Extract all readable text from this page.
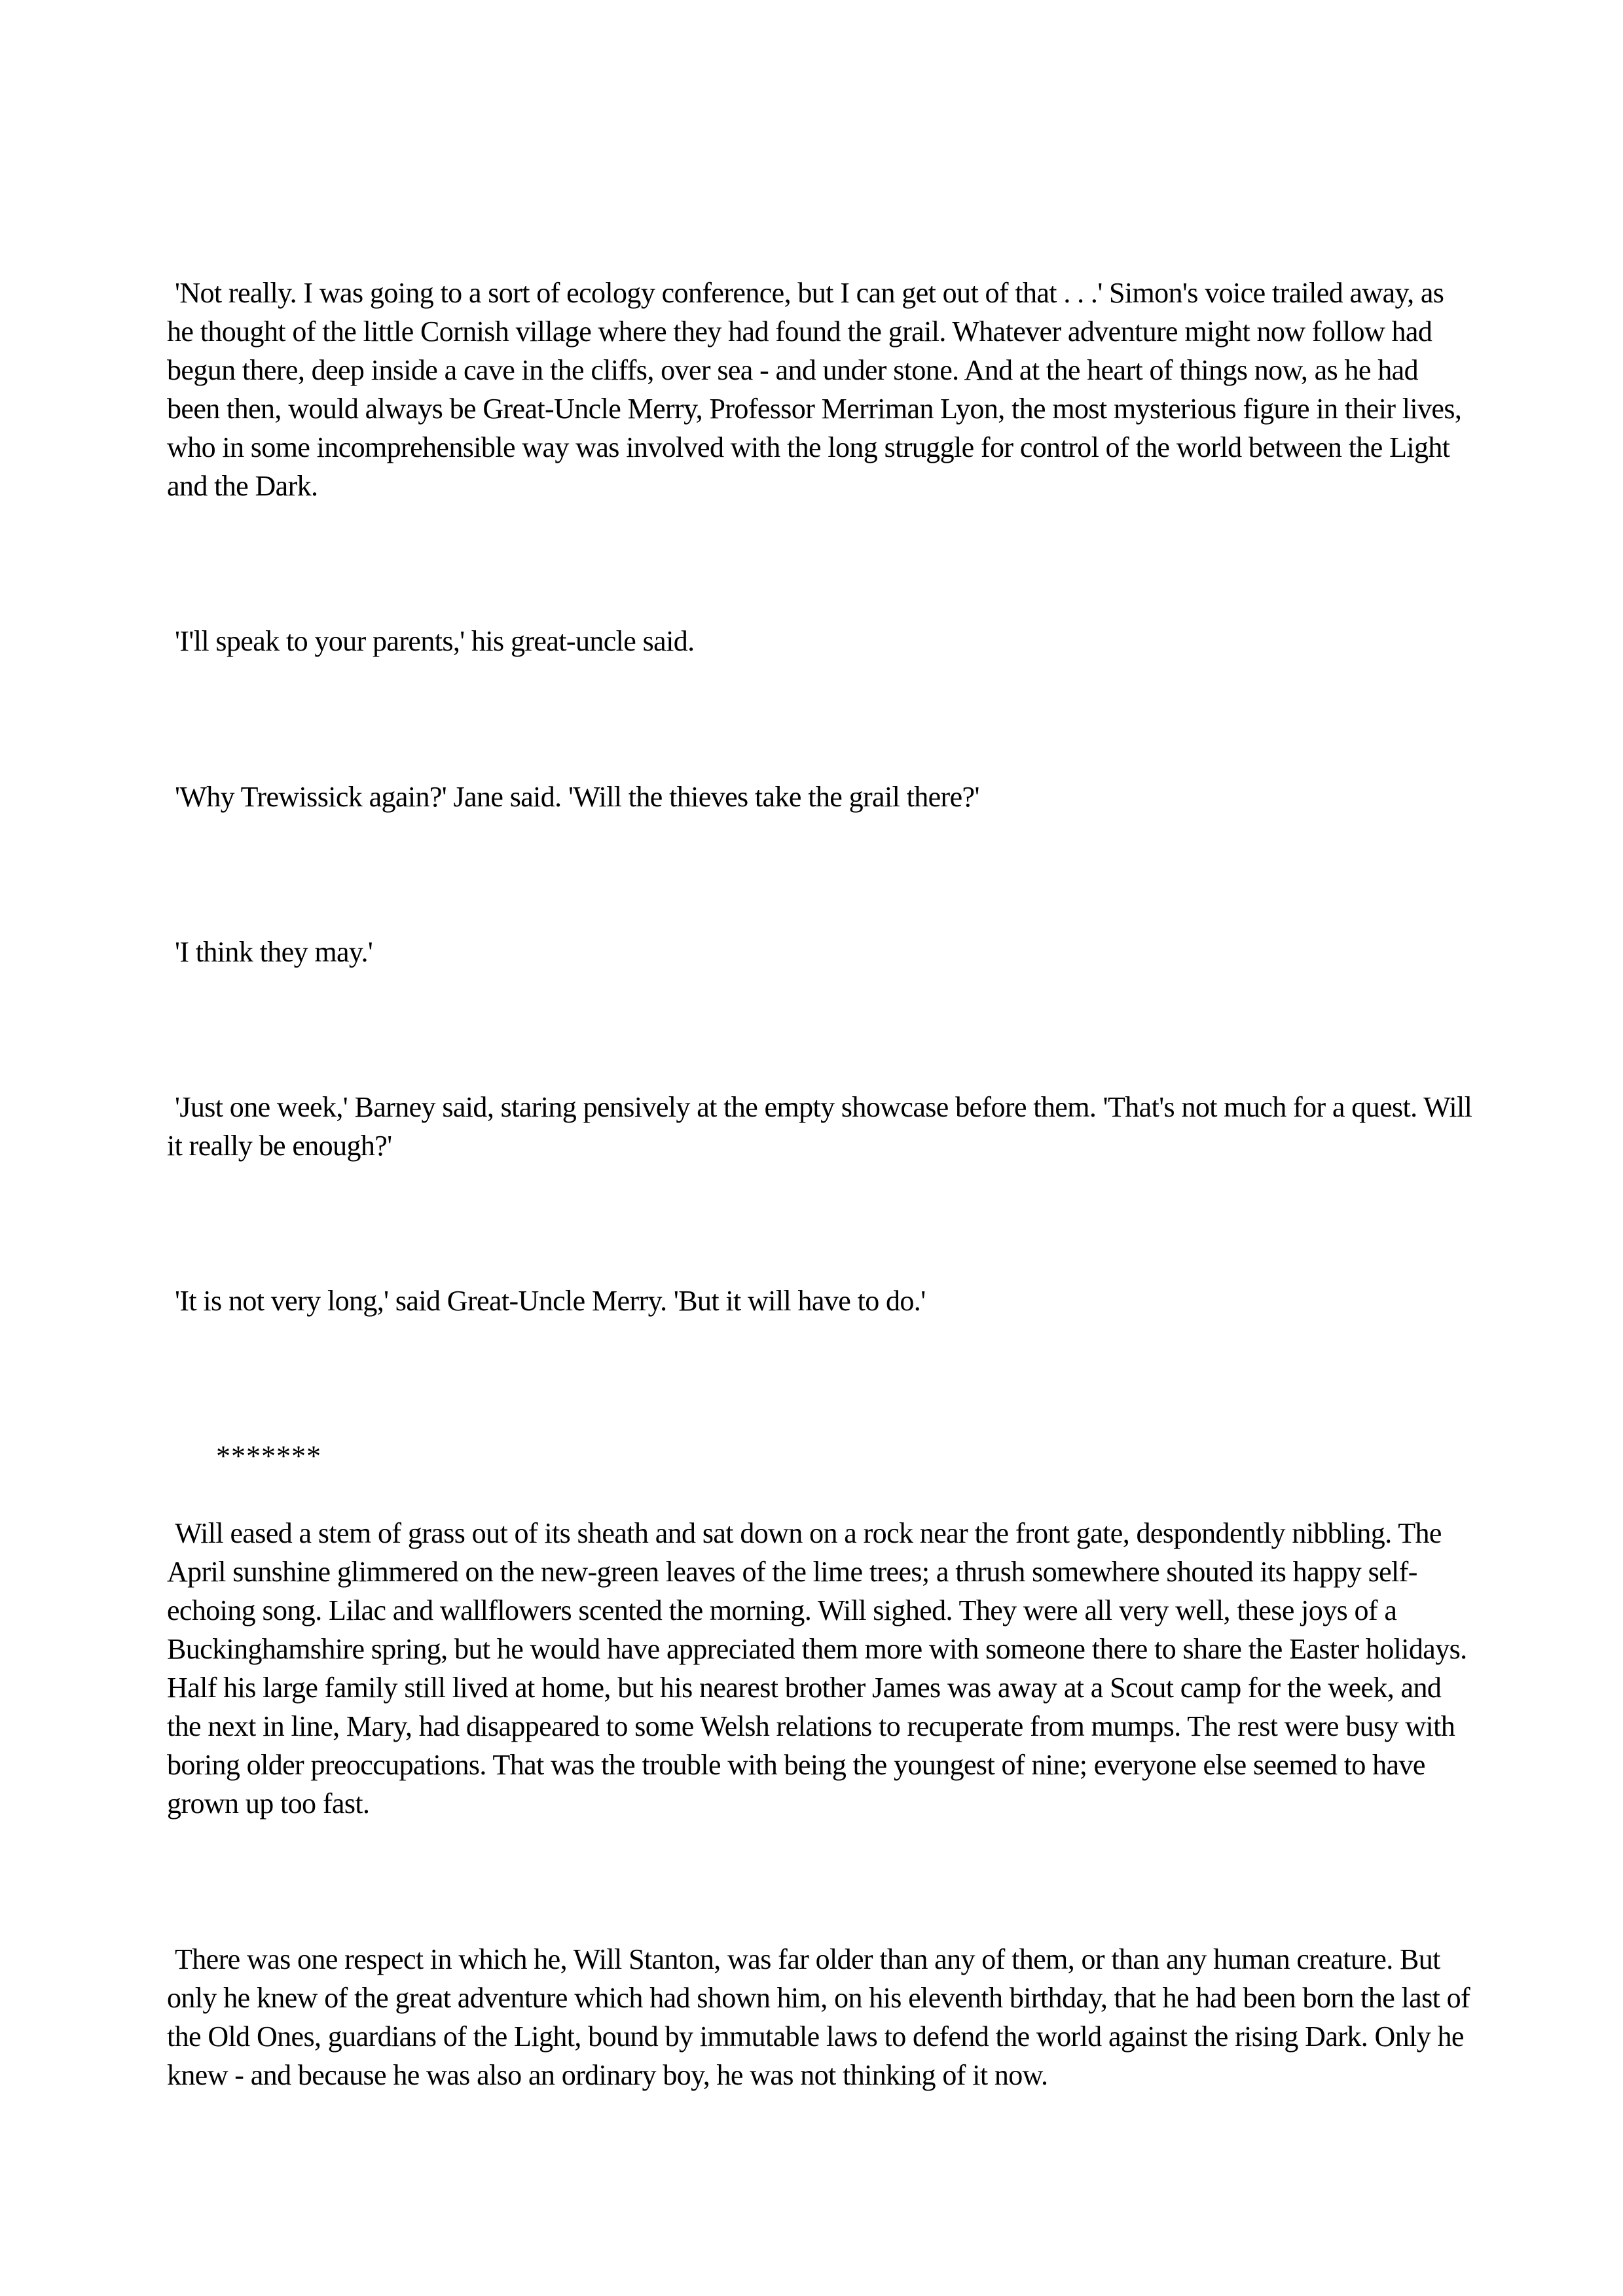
'Not really. I was going to a sort of ecology conference, but I can get out of that . . .' Simon's voice trailed away, as he thought of the little Cornish village where they had found the grail. Whatever adventure might now follow had begun there, deep inside a cave in the cliffs, over sea - and under stone. And at the heart of things now, as he had been then, would always be Great-Uncle Merry, Professor Merriman Lyon, the most mysterious figure in their lives, who in some incomprehensible way was involved with the long struggle for control of the world between the Light and the Dark.

'I'll speak to your parents,' his great-uncle said.

'Why Trewissick again?' Jane said. 'Will the thieves take the grail there?'

'I think they may.'

'Just one week,' Barney said, staring pensively at the empty showcase before them. 'That's not much for a quest. Will it really be enough?'

'It is not very long,' said Great-Uncle Merry. 'But it will have to do.'

*******

Will eased a stem of grass out of its sheath and sat down on a rock near the front gate, despondently nibbling. The April sunshine glimmered on the new-green leaves of the lime trees; a thrush somewhere shouted its happy self-echoing song. Lilac and wallflowers scented the morning. Will sighed. They were all very well, these joys of a Buckinghamshire spring, but he would have appreciated them more with someone there to share the Easter holidays. Half his large family still lived at home, but his nearest brother James was away at a Scout camp for the week, and the next in line, Mary, had disappeared to some Welsh relations to recuperate from mumps. The rest were busy with boring older preoccupations. That was the trouble with being the youngest of nine; everyone else seemed to have grown up too fast.

There was one respect in which he, Will Stanton, was far older than any of them, or than any human creature. But only he knew of the great adventure which had shown him, on his eleventh birthday, that he had been born the last of the Old Ones, guardians of the Light, bound by immutable laws to defend the world against the rising Dark. Only he knew - and because he was also an ordinary boy, he was not thinking of it now.
